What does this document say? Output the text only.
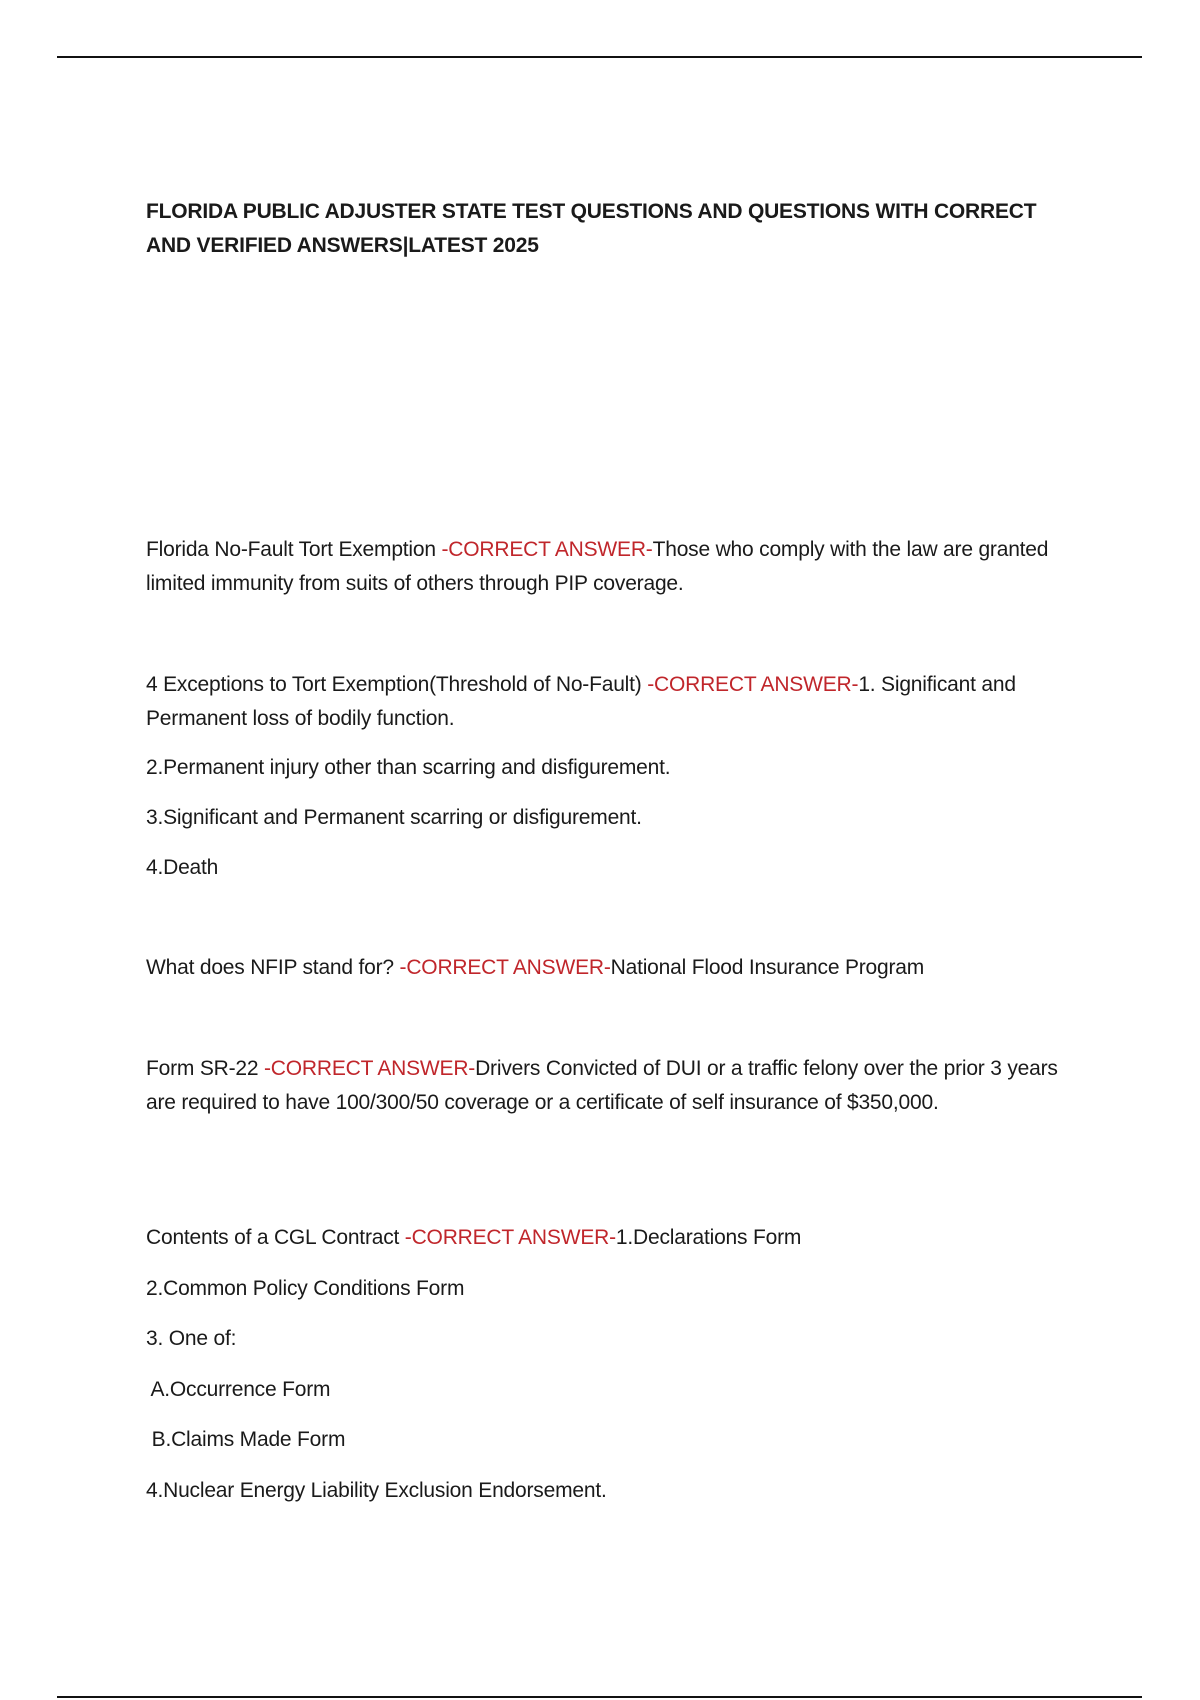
FLORIDA PUBLIC ADJUSTER STATE TEST QUESTIONS AND QUESTIONS WITH CORRECT AND VERIFIED ANSWERS|LATEST 2025

Florida No-Fault Tort Exemption -CORRECT ANSWER-Those who comply with the law are granted limited immunity from suits of others through PIP coverage.

4 Exceptions to Tort Exemption(Threshold of No-Fault) -CORRECT ANSWER-1. Significant and Permanent loss of bodily function.

2.Permanent injury other than scarring and disfigurement.

3.Significant and Permanent scarring or disfigurement.

4.Death

What does NFIP stand for? -CORRECT ANSWER-National Flood Insurance Program

Form SR-22 -CORRECT ANSWER-Drivers Convicted of DUI or a traffic felony over the prior 3 years are required to have 100/300/50 coverage or a certificate of self insurance of $350,000.

Contents of a CGL Contract -CORRECT ANSWER-1.Declarations Form

2.Common Policy Conditions Form

3. One of:

A.Occurrence Form

B.Claims Made Form

4.Nuclear Energy Liability Exclusion Endorsement.
